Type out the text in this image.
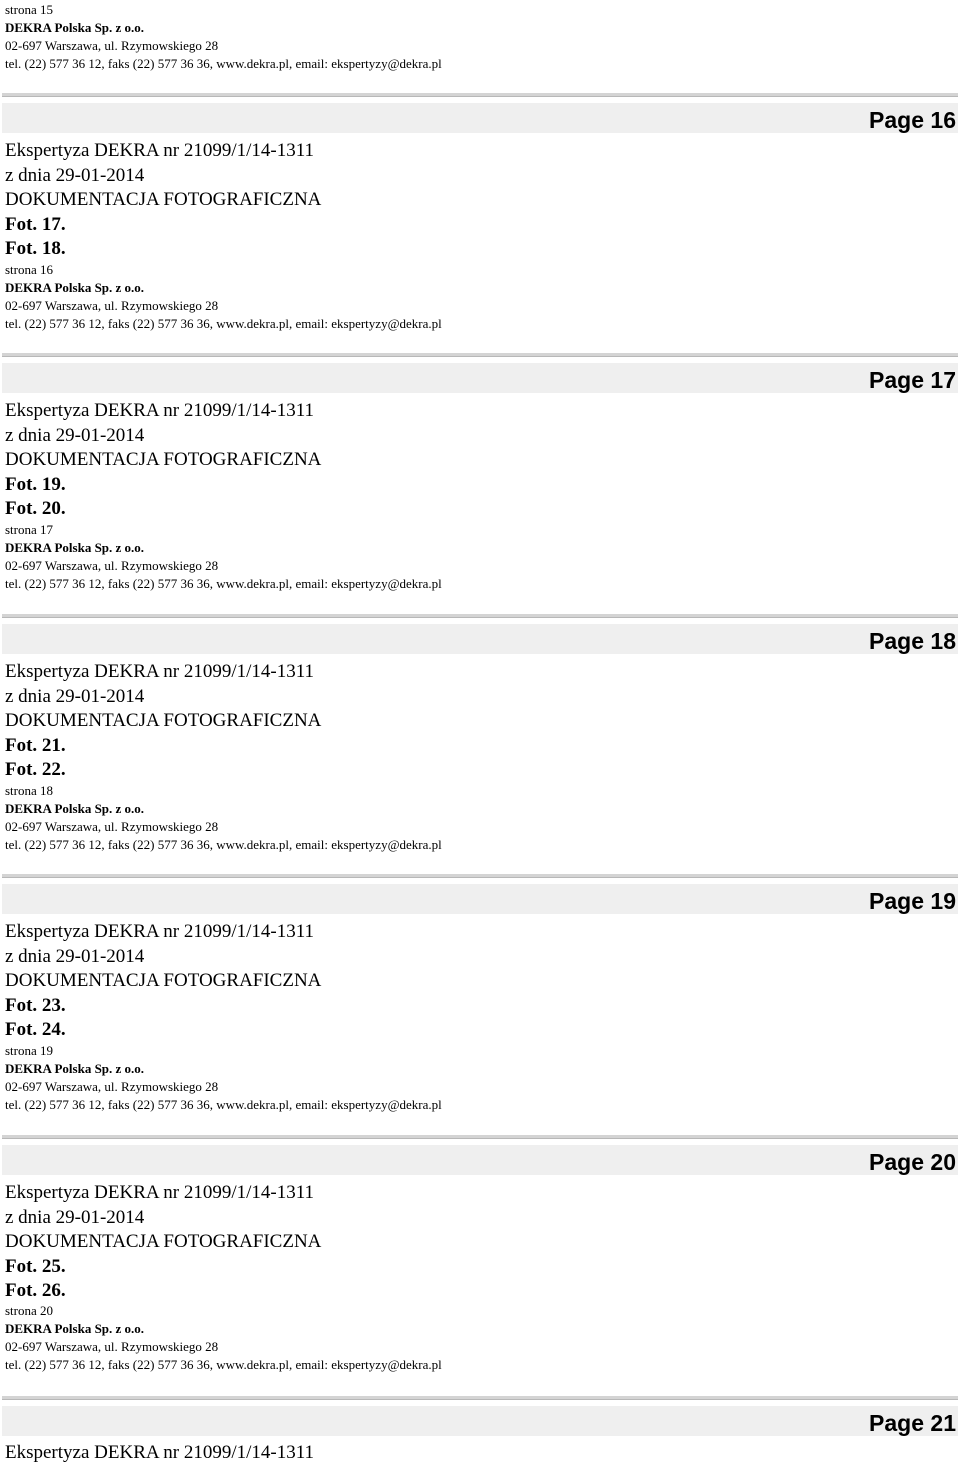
strona 15
DEKRA Polska Sp. z o.o.
02-697 Warszawa, ul. Rzymowskiego 28
tel. (22) 577 36 12, faks (22) 577 36 36, www.dekra.pl, email: ekspertyzy@dekra.pl
Page 16
Ekspertyza DEKRA nr 21099/1/14-1311
z dnia 29-01-2014
DOKUMENTACJA FOTOGRAFICZNA
Fot. 17.
Fot. 18.
strona 16
DEKRA Polska Sp. z o.o.
02-697 Warszawa, ul. Rzymowskiego 28
tel. (22) 577 36 12, faks (22) 577 36 36, www.dekra.pl, email: ekspertyzy@dekra.pl
Page 17
Ekspertyza DEKRA nr 21099/1/14-1311
z dnia 29-01-2014
DOKUMENTACJA FOTOGRAFICZNA
Fot. 19.
Fot. 20.
strona 17
DEKRA Polska Sp. z o.o.
02-697 Warszawa, ul. Rzymowskiego 28
tel. (22) 577 36 12, faks (22) 577 36 36, www.dekra.pl, email: ekspertyzy@dekra.pl
Page 18
Ekspertyza DEKRA nr 21099/1/14-1311
z dnia 29-01-2014
DOKUMENTACJA FOTOGRAFICZNA
Fot. 21.
Fot. 22.
strona 18
DEKRA Polska Sp. z o.o.
02-697 Warszawa, ul. Rzymowskiego 28
tel. (22) 577 36 12, faks (22) 577 36 36, www.dekra.pl, email: ekspertyzy@dekra.pl
Page 19
Ekspertyza DEKRA nr 21099/1/14-1311
z dnia 29-01-2014
DOKUMENTACJA FOTOGRAFICZNA
Fot. 23.
Fot. 24.
strona 19
DEKRA Polska Sp. z o.o.
02-697 Warszawa, ul. Rzymowskiego 28
tel. (22) 577 36 12, faks (22) 577 36 36, www.dekra.pl, email: ekspertyzy@dekra.pl
Page 20
Ekspertyza DEKRA nr 21099/1/14-1311
z dnia 29-01-2014
DOKUMENTACJA FOTOGRAFICZNA
Fot. 25.
Fot. 26.
strona 20
DEKRA Polska Sp. z o.o.
02-697 Warszawa, ul. Rzymowskiego 28
tel. (22) 577 36 12, faks (22) 577 36 36, www.dekra.pl, email: ekspertyzy@dekra.pl
Page 21
Ekspertyza DEKRA nr 21099/1/14-1311
